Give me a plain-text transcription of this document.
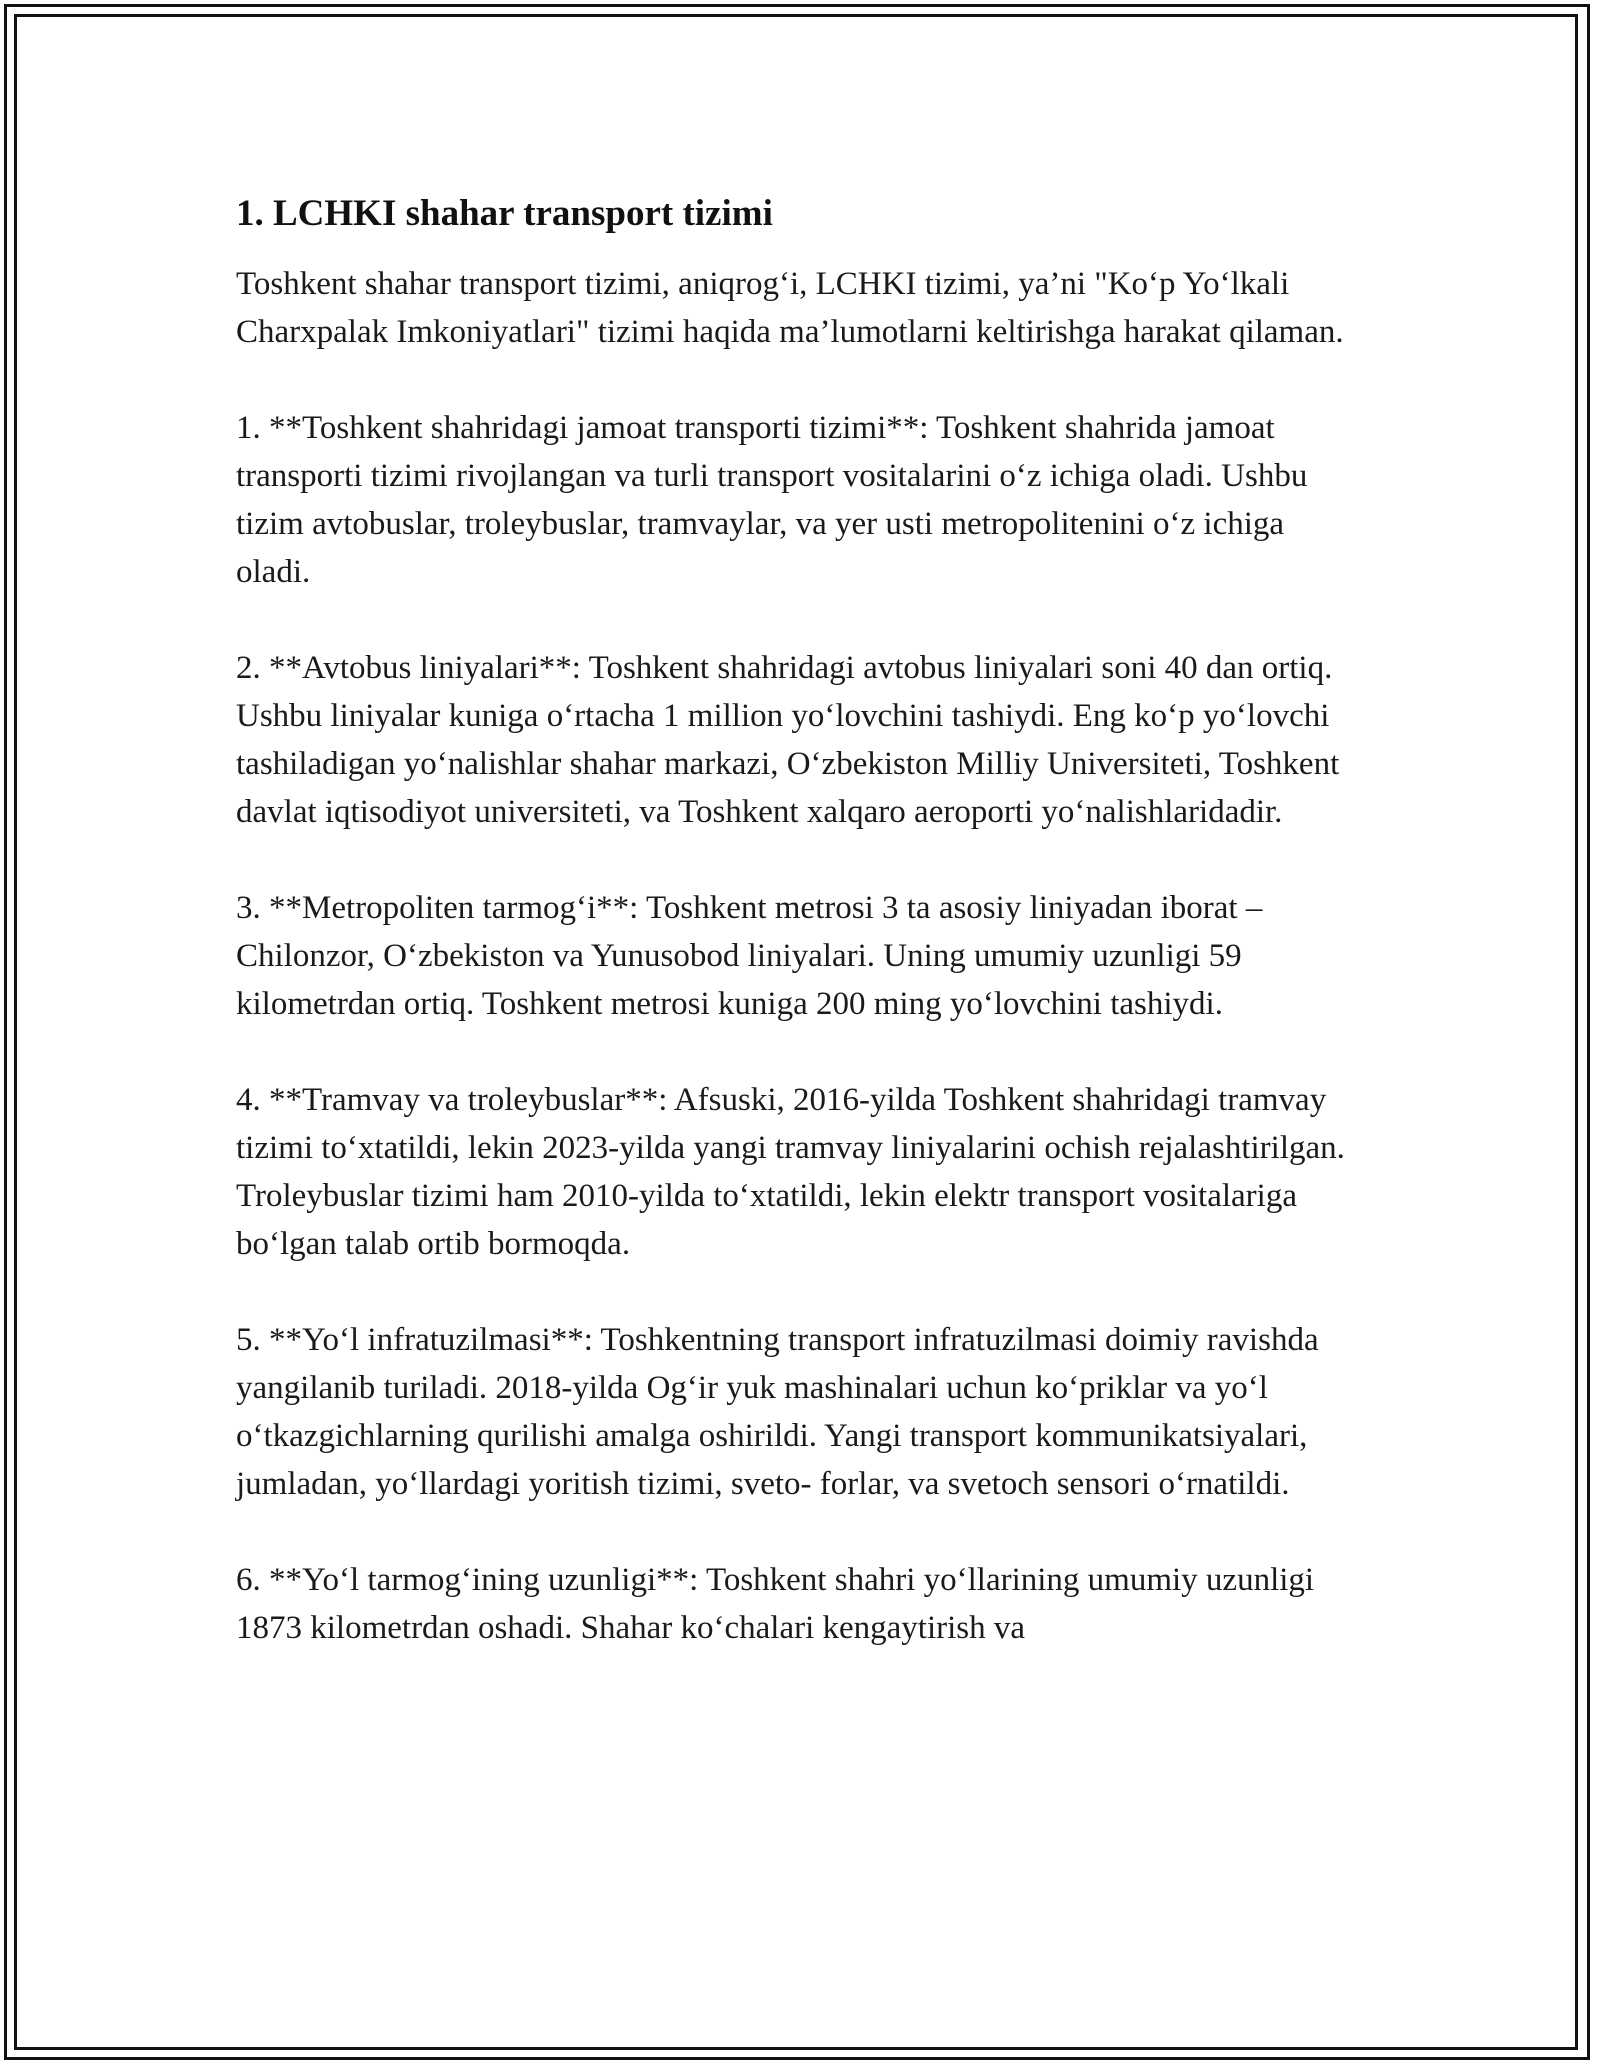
1. LCHKI shahar transport tizimi

Toshkent shahar transport tizimi, aniqrog‘i, LCHKI tizimi, ya’ni "Ko‘p Yo‘lkali Charxpalak Imkoniyatlari" tizimi haqida ma’lumotlarni keltirishga harakat qilaman.

1. **Toshkent shahridagi jamoat transporti tizimi**: Toshkent shahrida jamoat transporti tizimi rivojlangan va turli transport vositalarini o‘z ichiga oladi. Ushbu tizim avtobuslar, troleybuslar, tramvaylar, va yer usti metropolitenini o‘z ichiga oladi.

2. **Avtobus liniyalari**: Toshkent shahridagi avtobus liniyalari soni 40 dan ortiq. Ushbu liniyalar kuniga o‘rtacha 1 million yo‘lovchini tashiydi. Eng ko‘p yo‘lovchi tashiladigan yo‘nalishlar shahar markazi, O‘zbekiston Milliy Universiteti, Toshkent davlat iqtisodiyot universiteti, va Toshkent xalqaro aeroporti yo‘nalishlaridadir.

3. **Metropoliten tarmog‘i**: Toshkent metrosi 3 ta asosiy liniyadan iborat – Chilonzor, O‘zbekiston va Yunusobod liniyalari. Uning umumiy uzunligi 59 kilometrdan ortiq. Toshkent metrosi kuniga 200 ming yo‘lovchini tashiydi.

4. **Tramvay va troleybuslar**: Afsuski, 2016-yilda Toshkent shahridagi tramvay tizimi to‘xtatildi, lekin 2023-yilda yangi tramvay liniyalarini ochish rejalashtirilgan. Troleybuslar tizimi ham 2010-yilda to‘xtatildi, lekin elektr transport vositalariga bo‘lgan talab ortib bormoqda.

5. **Yo‘l infratuzilmasi**: Toshkentning transport infratuzilmasi doimiy ravishda yangilanib turiladi. 2018-yilda Og‘ir yuk mashinalari uchun ko‘priklar va yo‘l o‘tkazgichlarning qurilishi amalga oshirildi. Yangi transport kommunikatsiyalari, jumladan, yo‘llardagi yoritish tizimi, sveto- forlar, va svetoch sensori o‘rnatildi.

6. **Yo‘l tarmog‘ining uzunligi**: Toshkent shahri yo‘llarining umumiy uzunligi 1873 kilometrdan oshadi. Shahar ko‘chalari kengaytirish va
